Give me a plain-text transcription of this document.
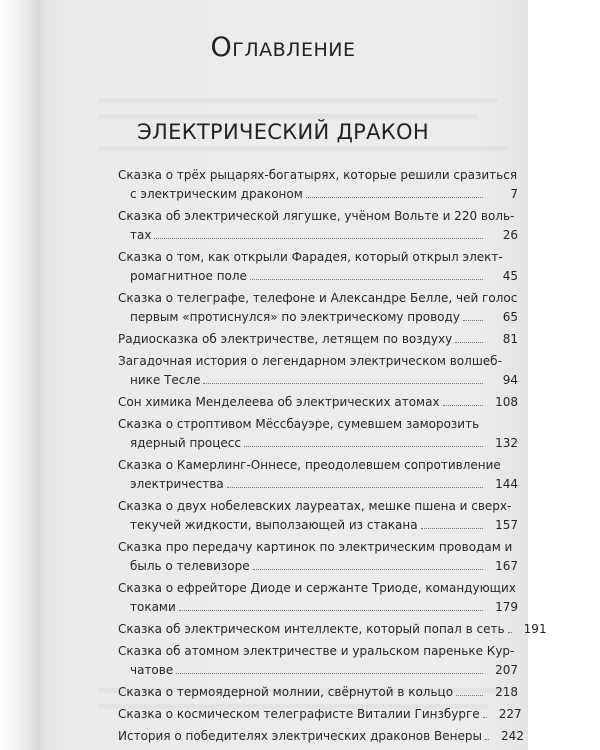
Оглавление
ЭЛЕКТРИЧЕСКИЙ ДРАКОН
Сказка о трёх рыцарях-богатырях, которые решили сразиться
с электрическим драконом	7
Сказка об электрической лягушке, учёном Вольте и 220 воль-
тах	26
Сказка о том, как открыли Фарадея, который открыл элект-
ромагнитное поле	45
Сказка о телеграфе, телефоне и Александре Белле, чей голос
первым «протиснулся» по электрическому проводу	65
Радиосказка об электричестве, летящем по воздуху	81
Загадочная история о легендарном электрическом волшеб-
нике Тесле	94
Сон химика Менделеева об электрических атомах	108
Сказка о строптивом Мёссбауэре, сумевшем заморозить
ядерный процесс	132
Сказка о Камерлинг-Оннесе, преодолевшем сопротивление
электричества	144
Сказка о двух нобелевских лауреатах, мешке пшена и сверх-
текучей жидкости, выползающей из стакана	157
Сказка про передачу картинок по электрическим проводам и
быль о телевизоре	167
Сказка о ефрейторе Диоде и сержанте Триоде, командующих
токами	179
Сказка об электрическом интеллекте, который попал в сеть	191
Сказка об атомном электричестве и уральском пареньке Кур-
чатове	207
Сказка о термоядерной молнии, свёрнутой в кольцо	218
Сказка о космическом телеграфисте Виталии Гинзбурге	227
История о победителях электрических драконов Венеры	242
